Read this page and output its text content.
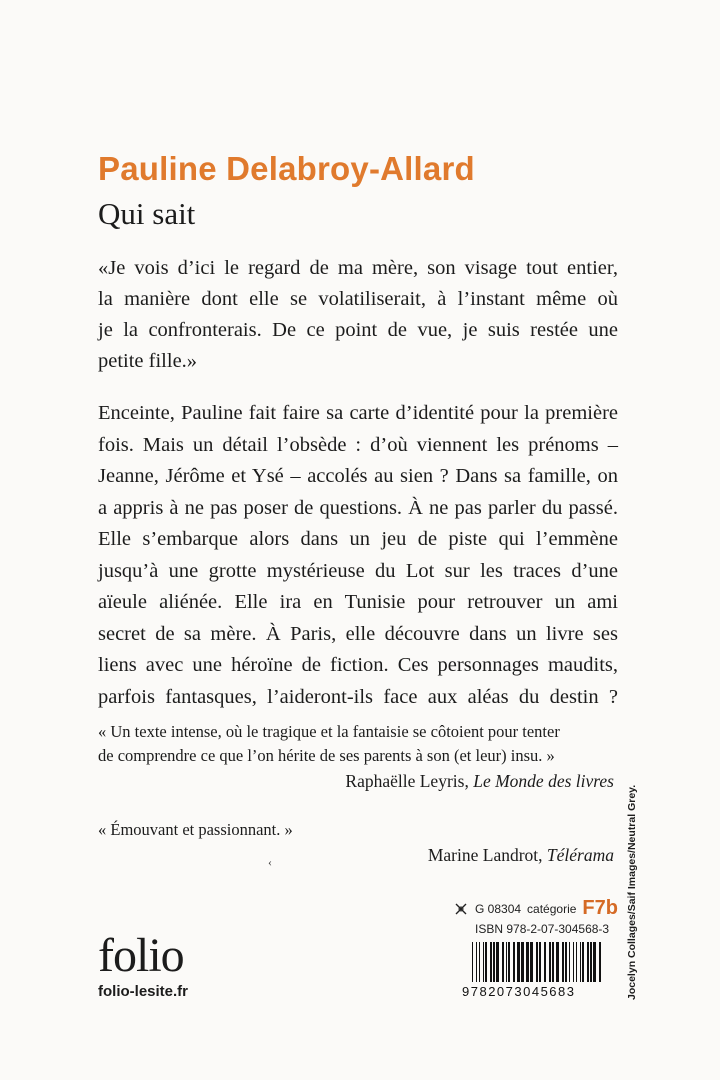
Pauline Delabroy-Allard
Qui sait
«Je vois d’ici le regard de ma mère, son visage tout entier,
la manière dont elle se volatiliserait, à l’instant même où
je la confronterais. De ce point de vue, je suis restée une
petite fille.»
Enceinte, Pauline fait faire sa carte d’identité pour la première
fois. Mais un détail l’obsède : d’où viennent les prénoms –
Jeanne, Jérôme et Ysé – accolés au sien ? Dans sa famille, on
a appris à ne pas poser de questions. À ne pas parler du passé.
Elle s’embarque alors dans un jeu de piste qui l’emmène
jusqu’à une grotte mystérieuse du Lot sur les traces d’une
aïeule aliénée. Elle ira en Tunisie pour retrouver un ami
secret de sa mère. À Paris, elle découvre dans un livre ses
liens avec une héroïne de fiction. Ces personnages maudits,
parfois fantasques, l’aideront-ils face aux aléas du destin ?
« Un texte intense, où le tragique et la fantaisie se côtoient pour tenter
de comprendre ce que l’on hérite de ses parents à son (et leur) insu. »
Raphaëlle Leyris, Le Monde des livres
« Émouvant et passionnant. »
‹	Marine Landrot, Télérama
G 08304 catégorie F7b
ISBN 978-2-07-304568-3
9782073045683
folio
folio-lesite.fr	Jocelyn Collages/Saif Images/Neutral Grey.
